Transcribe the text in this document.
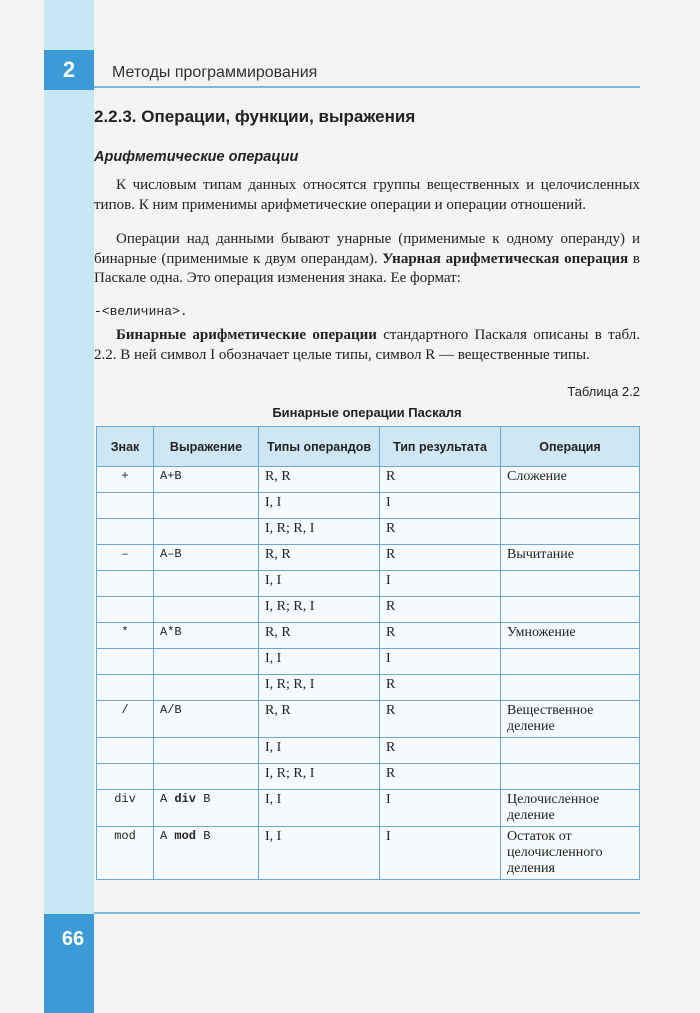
2	Методы программирования
2.2.3. Операции, функции, выражения
Арифметические операции
К числовым типам данных относятся группы вещественных и целочисленных типов. К ним применимы арифметические операции и операции отношений.
Операции над данными бывают унарные (применимые к одному операнду) и бинарные (применимые к двум операндам). Унарная арифметическая операция в Паскале одна. Это операция изменения знака. Ее формат:
-<величина>.
Бинарные арифметические операции стандартного Паскаля описаны в табл. 2.2. В ней символ I обозначает целые типы, символ R — вещественные типы.
Таблица 2.2
Бинарные операции Паскаля
Знак	Выражение	Типы операндов	Тип результата	Операция
+	A+B	R, R	R	Сложение
		I, I	I	
		I, R; R, I	R	
–	A–B	R, R	R	Вычитание
		I, I	I	
		I, R; R, I	R	
*	A*B	R, R	R	Умножение
		I, I	I	
		I, R; R, I	R	
/	A/B	R, R	R	Вещественное деление
		I, I	R	
		I, R; R, I	R	
div	A div B	I, I	I	Целочисленное деление
mod	A mod B	I, I	I	Остаток от целочисленного деления
66
